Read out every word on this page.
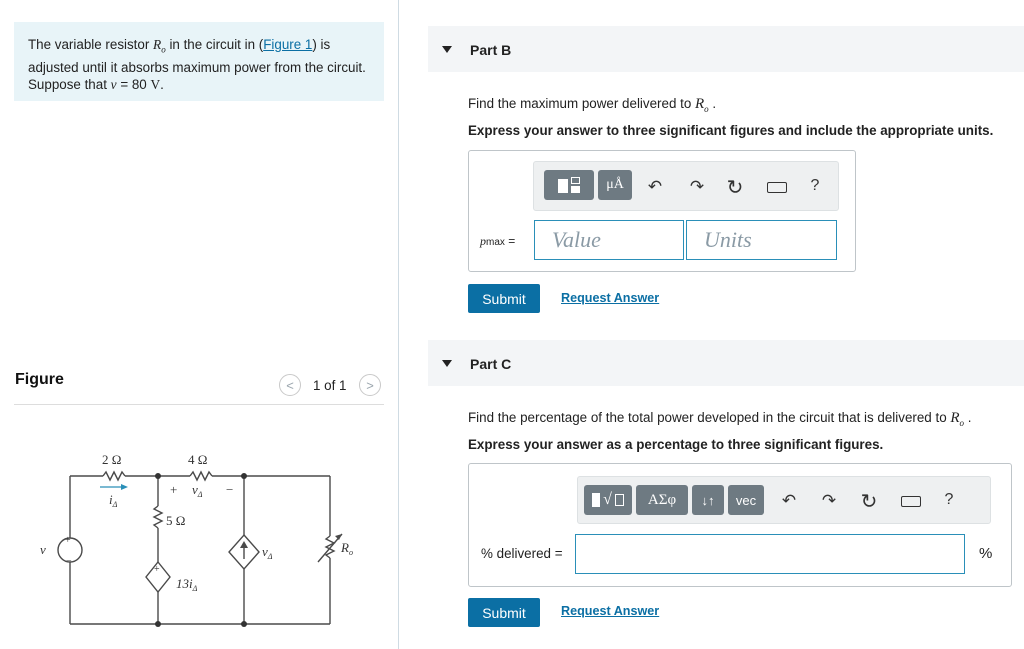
The variable resistor $R_o$ in the circuit in (Figure 1) is adjusted until it absorbs maximum power from the circuit. Suppose that v = 80 V.
Figure	< 1 of 1 >
2 Ω	4 Ω
$i_\Delta$
+ $v_\Delta$ −
5 Ω
v
+
−
+
$13i_\Delta$
$v_\Delta$
$R_o$
Part B
Find the maximum power delivered to $R_o$ .
Express your answer to three significant figures and include the appropriate units.
μÅ	↶ ↷ ↻	?
pmax = Value	Units
Submit	Request Answer
Part C
Find the percentage of the total power developed in the circuit that is delivered to $R_o$ .
Express your answer as a percentage to three significant figures.
√	ΑΣφ	↓↑	vec	↶ ↷ ↻	?
% delivered =	%
Submit	Request Answer
